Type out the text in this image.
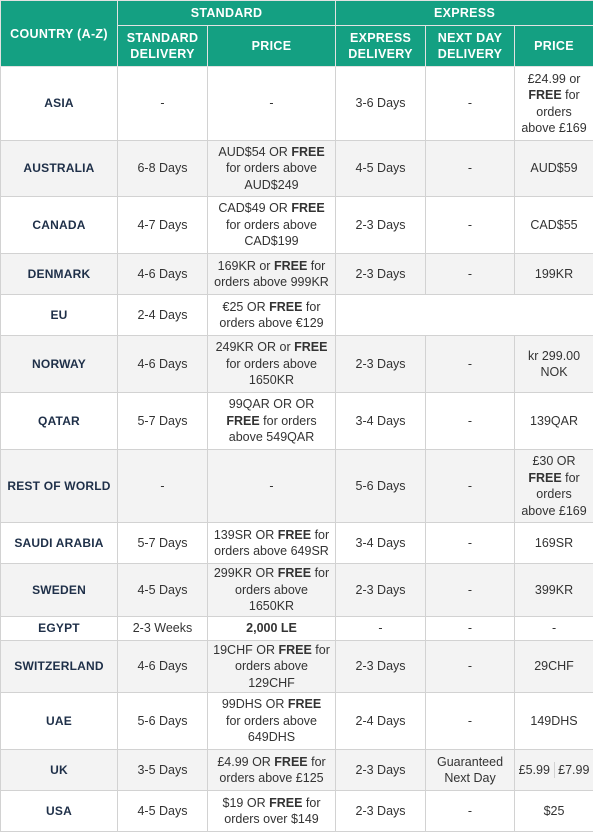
COUNTRY (A-Z)	STANDARD		EXPRESS		
	STANDARD DELIVERY	PRICE	EXPRESS DELIVERY	NEXT DAY DELIVERY	PRICE
ASIA	-	-	3-6 Days	-	£24.99 or FREE for orders above £169
AUSTRALIA	6-8 Days	AUD$54 OR FREE for orders above AUD$249	4-5 Days	-	AUD$59
CANADA	4-7 Days	CAD$49 OR FREE for orders above CAD$199	2-3 Days	-	CAD$55
DENMARK	4-6 Days	169KR or FREE for orders above 999KR	2-3 Days	-	199KR
EU	2-4 Days	€25 OR FREE for orders above €129			
NORWAY	4-6 Days	249KR OR or FREE for orders above 1650KR	2-3 Days	-	kr 299.00 NOK
QATAR	5-7 Days	99QAR OR OR FREE for orders above 549QAR	3-4 Days	-	139QAR
REST OF WORLD	-	-	5-6 Days	-	£30 OR FREE for orders above £169
SAUDI ARABIA	5-7 Days	139SR OR FREE for orders above 649SR	3-4 Days	-	169SR
SWEDEN	4-5 Days	299KR OR FREE for orders above 1650KR	2-3 Days	-	399KR
EGYPT	2-3 Weeks	2,000 LE	-	-	-
SWITZERLAND	4-6 Days	19CHF OR FREE for orders above 129CHF	2-3 Days	-	29CHF
UAE	5-6 Days	99DHS OR FREE for orders above 649DHS	2-4 Days	-	149DHS
UK	3-5 Days	£4.99 OR FREE for orders above £125	2-3 Days	Guaranteed Next Day	£5.99 £7.99

USA	4-5 Days	$19 OR FREE for orders over $149	2-3 Days	-	$25
